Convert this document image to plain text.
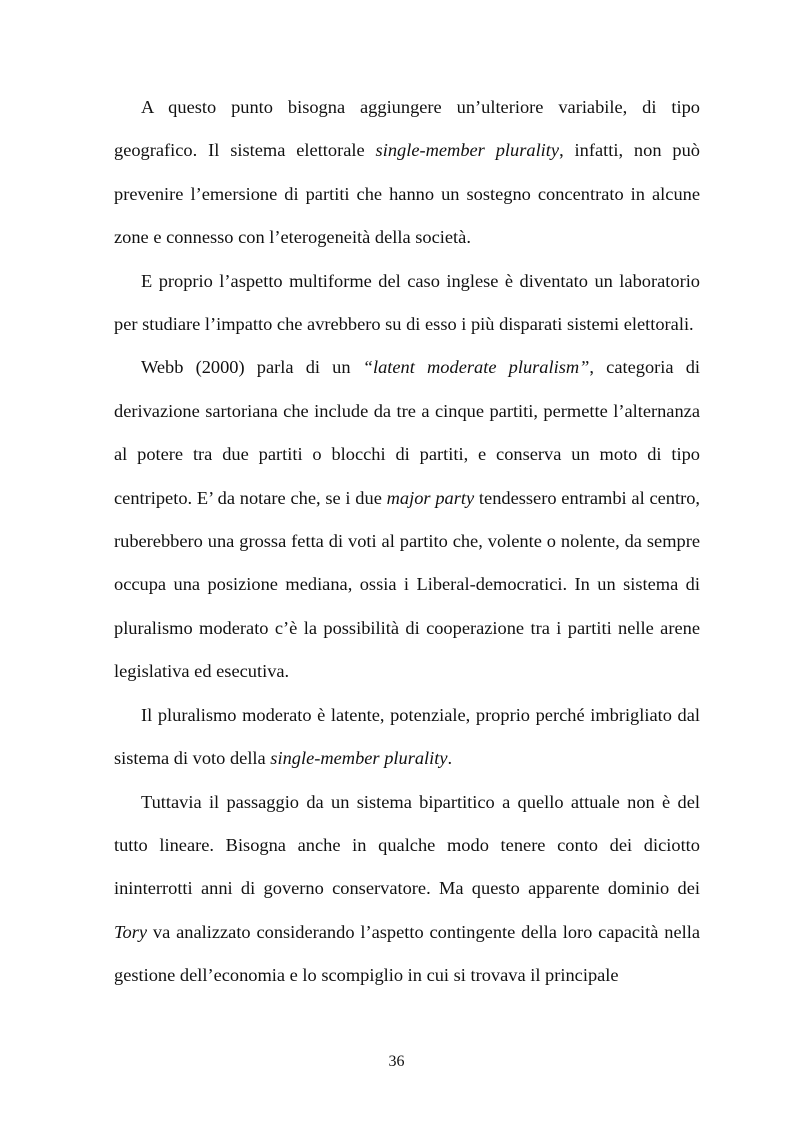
A questo punto bisogna aggiungere un’ulteriore variabile, di tipo geografico. Il sistema elettorale single-member plurality, infatti, non può prevenire l’emersione di partiti che hanno un sostegno concentrato in alcune zone e connesso con l’eterogeneità della società.

E proprio l’aspetto multiforme del caso inglese è diventato un laboratorio per studiare l’impatto che avrebbero su di esso i più disparati sistemi elettorali.

Webb (2000) parla di un “latent moderate pluralism”, categoria di derivazione sartoriana che include da tre a cinque partiti, permette l’alternanza al potere tra due partiti o blocchi di partiti, e conserva un moto di tipo centripeto. E’ da notare che, se i due major party tendessero entrambi al centro, ruberebbero una grossa fetta di voti al partito che, volente o nolente, da sempre occupa una posizione mediana, ossia i Liberal-democratici. In un sistema di pluralismo moderato c’è la possibilità di cooperazione tra i partiti nelle arene legislativa ed esecutiva.

Il pluralismo moderato è latente, potenziale, proprio perché imbrigliato dal sistema di voto della single-member plurality.

Tuttavia il passaggio da un sistema bipartitico a quello attuale non è del tutto lineare. Bisogna anche in qualche modo tenere conto dei diciotto ininterrotti anni di governo conservatore. Ma questo apparente dominio dei Tory va analizzato considerando l’aspetto contingente della loro capacità nella gestione dell’economia e lo scompiglio in cui si trovava il principale

36
